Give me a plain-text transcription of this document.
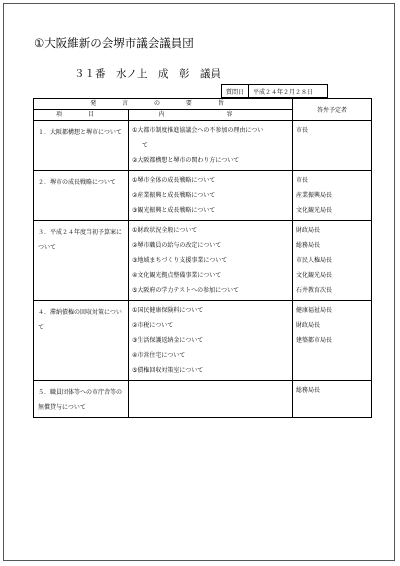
①大阪維新の会堺市議会議員団
３１番　水ノ上　成　彰　議員
質問日	平成２４年２月２８日
発 言 の 要 旨		答弁予定者
項 目	内 容	

１．大阪都構想と堺市について	①大都市制度推進協議会への不参加の理由につい
て
②大阪都構想と堺市の関わり方について	市長

２．堺市の成長戦略について	①堺市全体の成長戦略について
②産業振興と成長戦略について
③観光振興と成長戦略について	市長
産業振興局長
文化観光局長

３．平成２４年度当初予算案について	①財政状況全般について
②堺市職員の給与の改定について
③地域まちづくり支援事業について
④文化観光拠点整備事業について
⑤大阪府の学力テストへの参加について	財政局長
総務局長
市民人権局長
文化観光局長
石井教育次長

４．滞納債権の回収対策について	①国民健康保険料について
②市税について
③生活保護返納金について
④市営住宅について
⑤債権回収対策室について	健康福祉局長
財政局長
建築都市局長

５．職員団体等への市庁舎等の無償貸与について		総務局長
